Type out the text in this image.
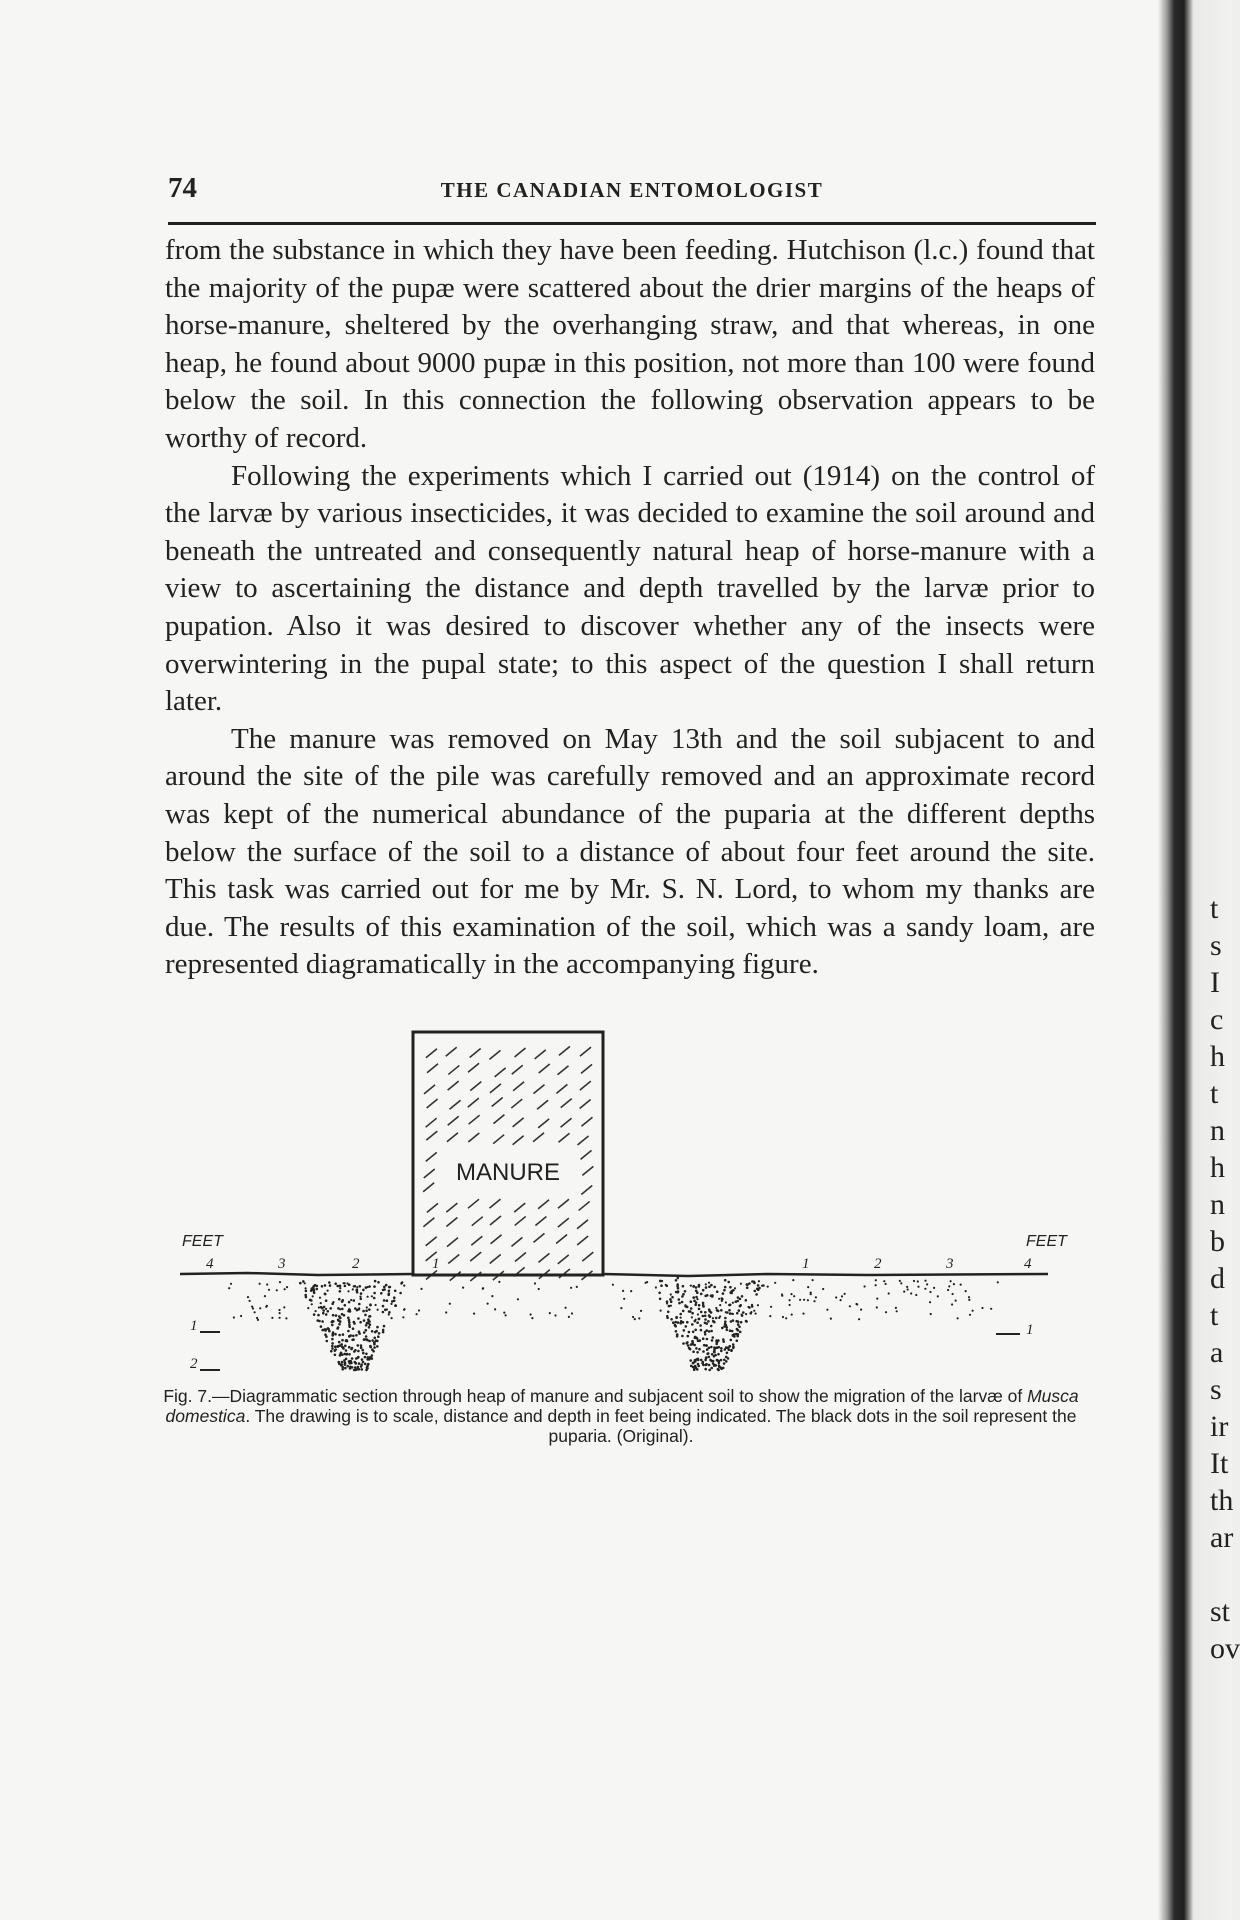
t
s
I
c
h
t
n
h
n
b
d
t
a
s
ir
It
th
ar
st
ov
74	THE CANADIAN ENTOMOLOGIST

from the substance in which they have been feeding. Hutchison (l.c.) found that the majority of the pupæ were scattered about the drier margins of the heaps of horse-manure, sheltered by the overhanging straw, and that whereas, in one heap, he found about 9000 pupæ in this position, not more than 100 were found below the soil. In this connection the following observation appears to be worthy of record.

Following the experiments which I carried out (1914) on the control of the larvæ by various insecticides, it was decided to examine the soil around and beneath the untreated and consequently natural heap of horse-manure with a view to ascertaining the distance and depth travelled by the larvæ prior to pupation. Also it was desired to discover whether any of the insects were overwintering in the pupal state; to this aspect of the question I shall return later.

The manure was removed on May 13th and the soil subjacent to and around the site of the pile was carefully removed and an approximate record was kept of the numerical abundance of the puparia at the different depths below the surface of the soil to a distance of about four feet around the site. This task was carried out for me by Mr. S. N. Lord, to whom my thanks are due. The results of this examination of the soil, which was a sandy loam, are represented diagramatically in the accompanying figure.

MANURE
FEET	FEET
4	3	2	1	1	2	3	4
1
2
1
Fig. 7.—Diagrammatic section through heap of manure and subjacent soil to show the migration of the larvæ of Musca domestica. The drawing is to scale, distance and depth in feet being indicated. The black dots in the soil represent the puparia. (Original).
